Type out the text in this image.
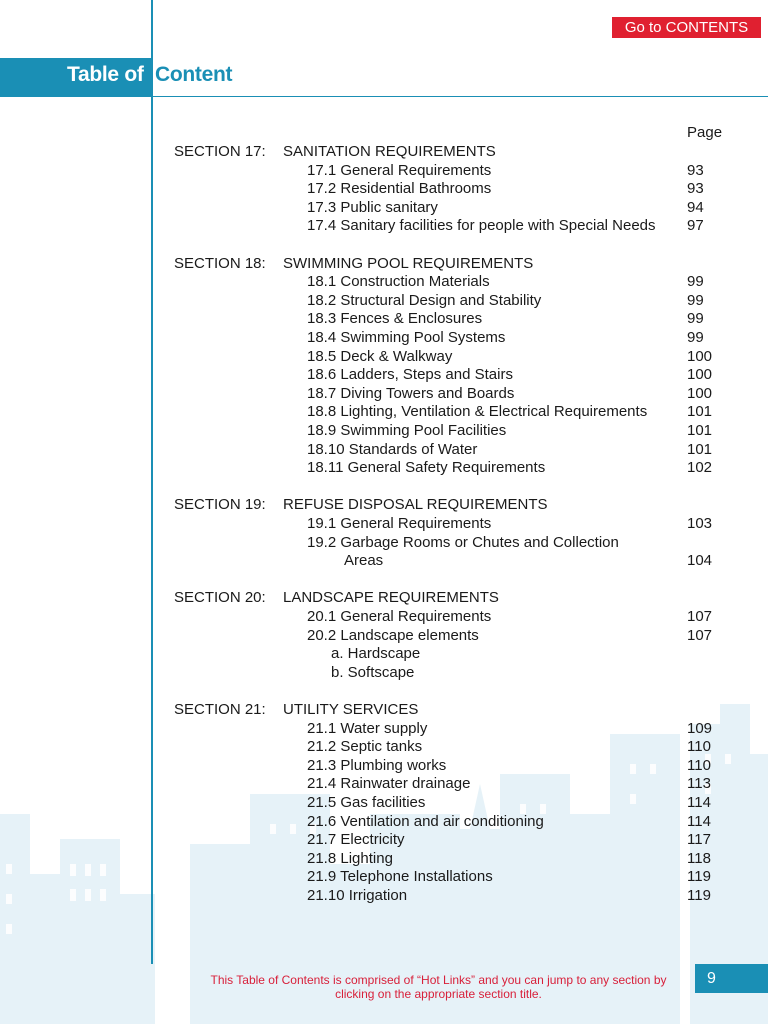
Table of Content
Go to CONTENTS
Page
SECTION 17: SANITATION REQUIREMENTS
17.1 General Requirements	93
17.2 Residential Bathrooms	93
17.3 Public sanitary	94
17.4 Sanitary facilities for people with Special Needs 97
SECTION 18: SWIMMING POOL REQUIREMENTS
18.1 Construction Materials	99
18.2 Structural Design and Stability	99
18.3 Fences & Enclosures	99
18.4 Swimming Pool Systems	99
18.5 Deck & Walkway	100
18.6 Ladders, Steps and Stairs	100
18.7 Diving Towers and Boards	100
18.8 Lighting, Ventilation & Electrical Requirements	101
18.9 Swimming Pool Facilities	101
18.10 Standards of Water	101
18.11 General Safety Requirements	102
SECTION 19: REFUSE DISPOSAL REQUIREMENTS
19.1 General Requirements	103
19.2 Garbage Rooms or Chutes and Collection
Areas	104
SECTION 20: LANDSCAPE REQUIREMENTS
20.1 General Requirements	107
20.2 Landscape elements	107
a. Hardscape
b. Softscape
SECTION 21: UTILITY SERVICES
21.1 Water supply	109
21.2 Septic tanks	110
21.3 Plumbing works	110
21.4 Rainwater drainage	113
21.5 Gas facilities	114
21.6 Ventilation and air conditioning	114
21.7 Electricity	117
21.8 Lighting	118
21.9 Telephone Installations	119
21.10 Irrigation	119
This Table of Contents is comprised of “Hot Links” and you can jump to any section by
clicking on the appropriate section title.
9
